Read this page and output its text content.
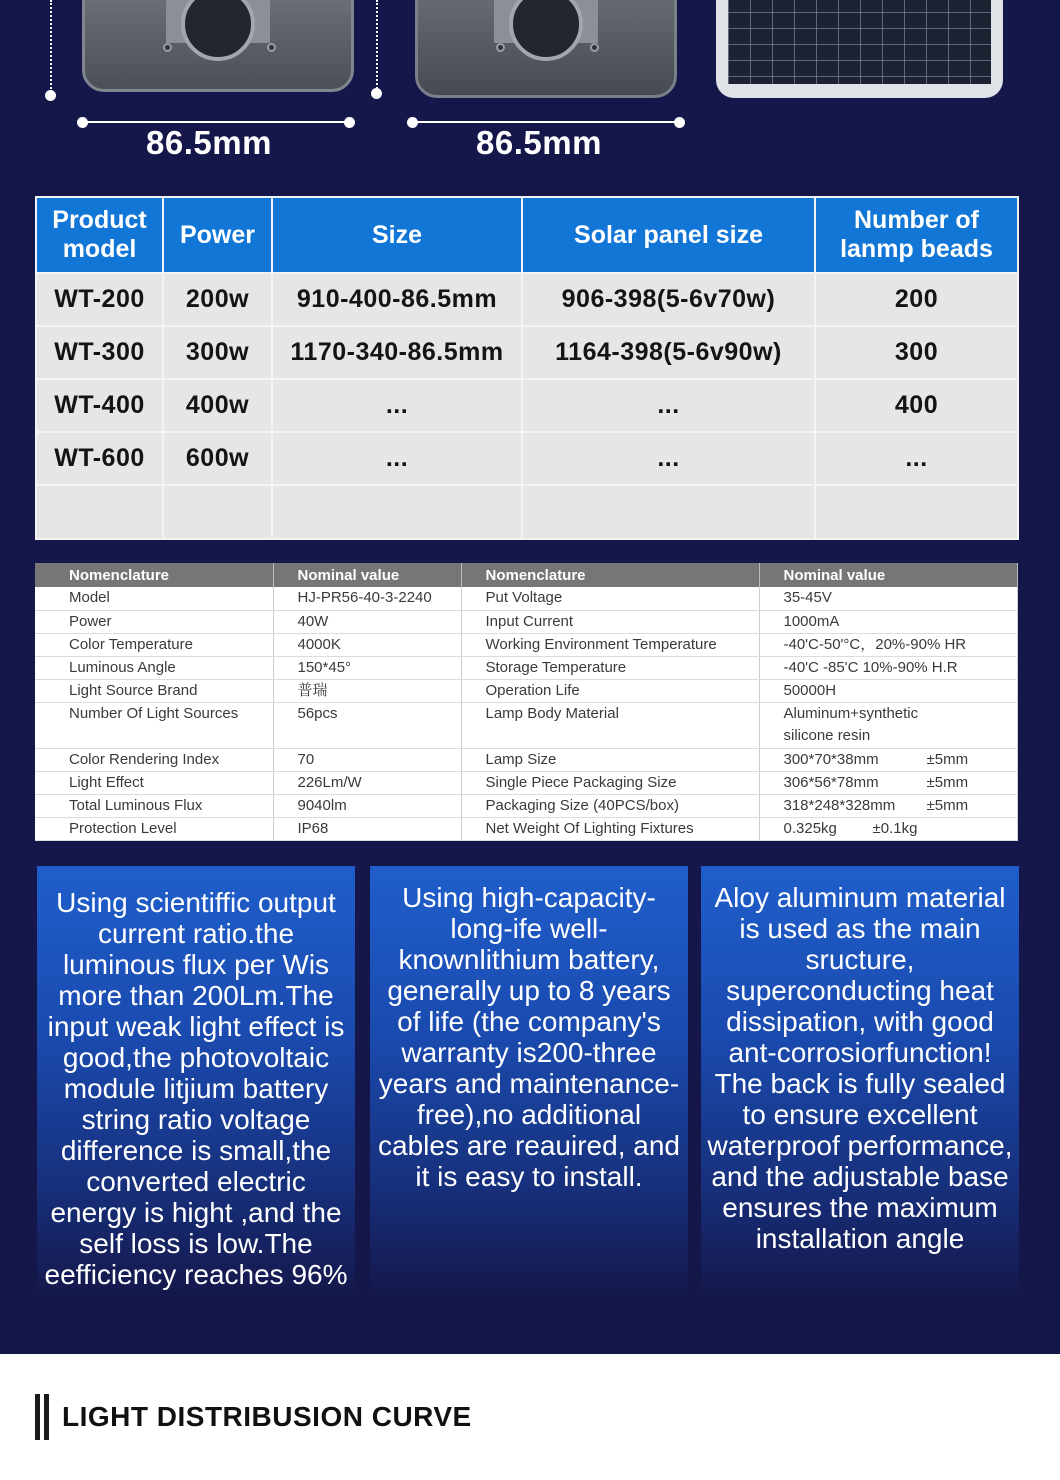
86.5mm	86.5mm
Product model	Power	Size	Solar panel size	Number of lanmp beads
WT-200	200w	910-400-86.5mm	906-398(5-6v70w)	200
WT-300	300w	1170-340-86.5mm	1164-398(5-6v90w)	300
WT-400	400w	...	...	400
WT-600	600w	...	...	...

Nomenclature	Nominal value	Nomenclature	Nominal value
Model	HJ-PR56-40-3-2240	Put Voltage	35-45V
Power	40W	Input Current	1000mA
Color Temperature	4000K	Working Environment Temperature	-40'C-50'°C，20%-90% HR
Luminous Angle	150*45°	Storage Temperature	-40'C -85'C 10%-90% H.R
Light Source Brand	普瑞	Operation Life	50000H
Number Of Light Sources	56pcs	Lamp Body Material	Aluminum+synthetic silicone resin
Color Rendering Index	70	Lamp Size	300*70*38mm ±5mm
Light Effect	226Lm/W	Single Piece Packaging Size	306*56*78mm ±5mm
Total Luminous Flux	9040lm	Packaging Size (40PCS/box)	318*248*328mm ±5mm
Protection Level	IP68	Net Weight Of Lighting Fixtures	0.325kg ±0.1kg
Using scientiffic output current ratio.the luminous flux per Wis more than 200Lm.The input weak light effect is good,the photovoltaic module litjium battery string ratio voltage difference is small,the converted electric energy is hight ,and the self loss is low.The eefficiency reaches 96%
Using high-capacity-long-ife well-knownlithium battery, generally up to 8 years of life (the company's warranty is200-three years and maintenance-free),no additional cables are reauired, and it is easy to install.
Aloy aluminum material is used as the main sructure, superconducting heat dissipation, with good ant-corrosiorfunction! The back is fully sealed to ensure excellent waterproof performance, and the adjustable base ensures the maximum installation angle
LIGHT DISTRIBUSION CURVE
